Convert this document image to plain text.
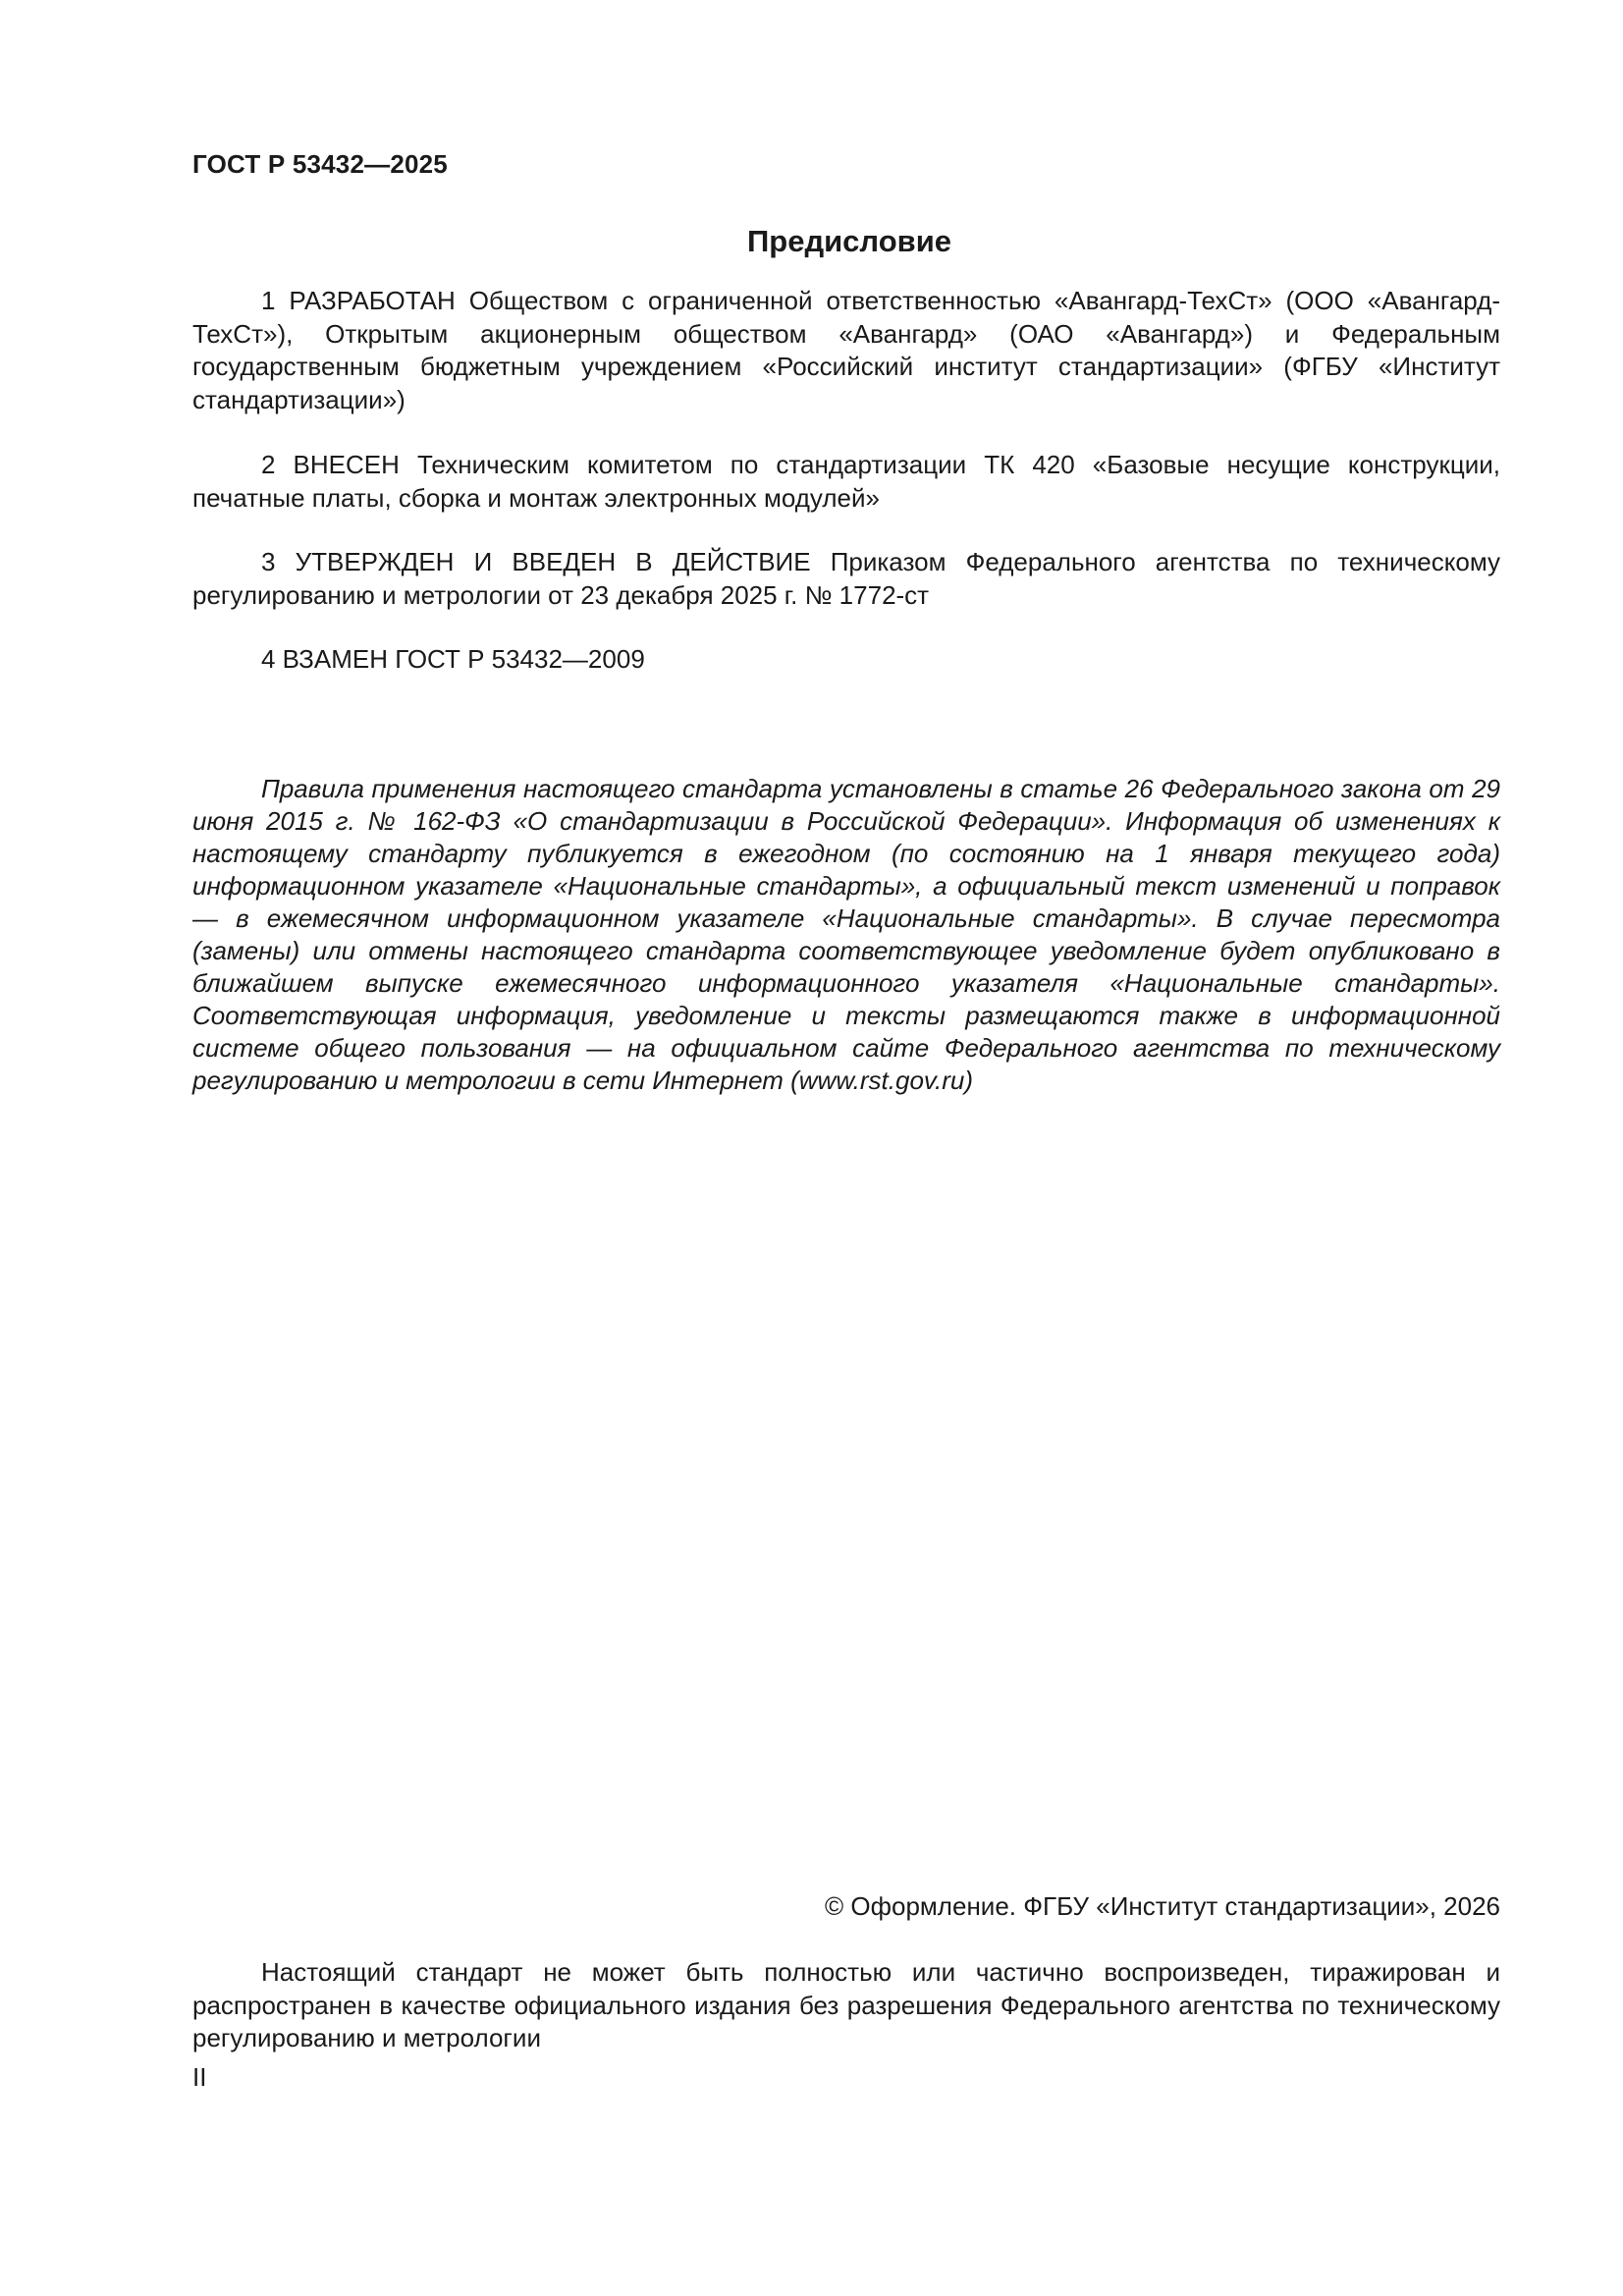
ГОСТ Р 53432—2025
Предисловие

1 РАЗРАБОТАН Обществом с ограниченной ответственностью «Авангард-ТехСт» (ООО «Авангард-ТехСт»), Открытым акционерным обществом «Авангард» (ОАО «Авангард») и Федеральным государственным бюджетным учреждением «Российский институт стандартизации» (ФГБУ «Институт стандартизации»)

2 ВНЕСЕН Техническим комитетом по стандартизации ТК 420 «Базовые несущие конструкции, печатные платы, сборка и монтаж электронных модулей»

3 УТВЕРЖДЕН И ВВЕДЕН В ДЕЙСТВИЕ Приказом Федерального агентства по техническому регулированию и метрологии от 23 декабря 2025 г. № 1772-ст

4 ВЗАМЕН ГОСТ Р 53432—2009

Правила применения настоящего стандарта установлены в статье 26 Федерального закона от 29 июня 2015 г. № 162-ФЗ «О стандартизации в Российской Федерации». Информация об изменениях к настоящему стандарту публикуется в ежегодном (по состоянию на 1 января текущего года) информационном указателе «Национальные стандарты», а официальный текст изменений и поправок — в ежемесячном информационном указателе «Национальные стандарты». В случае пересмотра (замены) или отмены настоящего стандарта соответствующее уведомление будет опубликовано в ближайшем выпуске ежемесячного информационного указателя «Национальные стандарты». Соответствующая информация, уведомление и тексты размещаются также в информационной системе общего пользования — на официальном сайте Федерального агентства по техническому регулированию и метрологии в сети Интернет (www.rst.gov.ru)

© Оформление. ФГБУ «Институт стандартизации», 2026

Настоящий стандарт не может быть полностью или частично воспроизведен, тиражирован и распространен в качестве официального издания без разрешения Федерального агентства по техническому регулированию и метрологии

II
